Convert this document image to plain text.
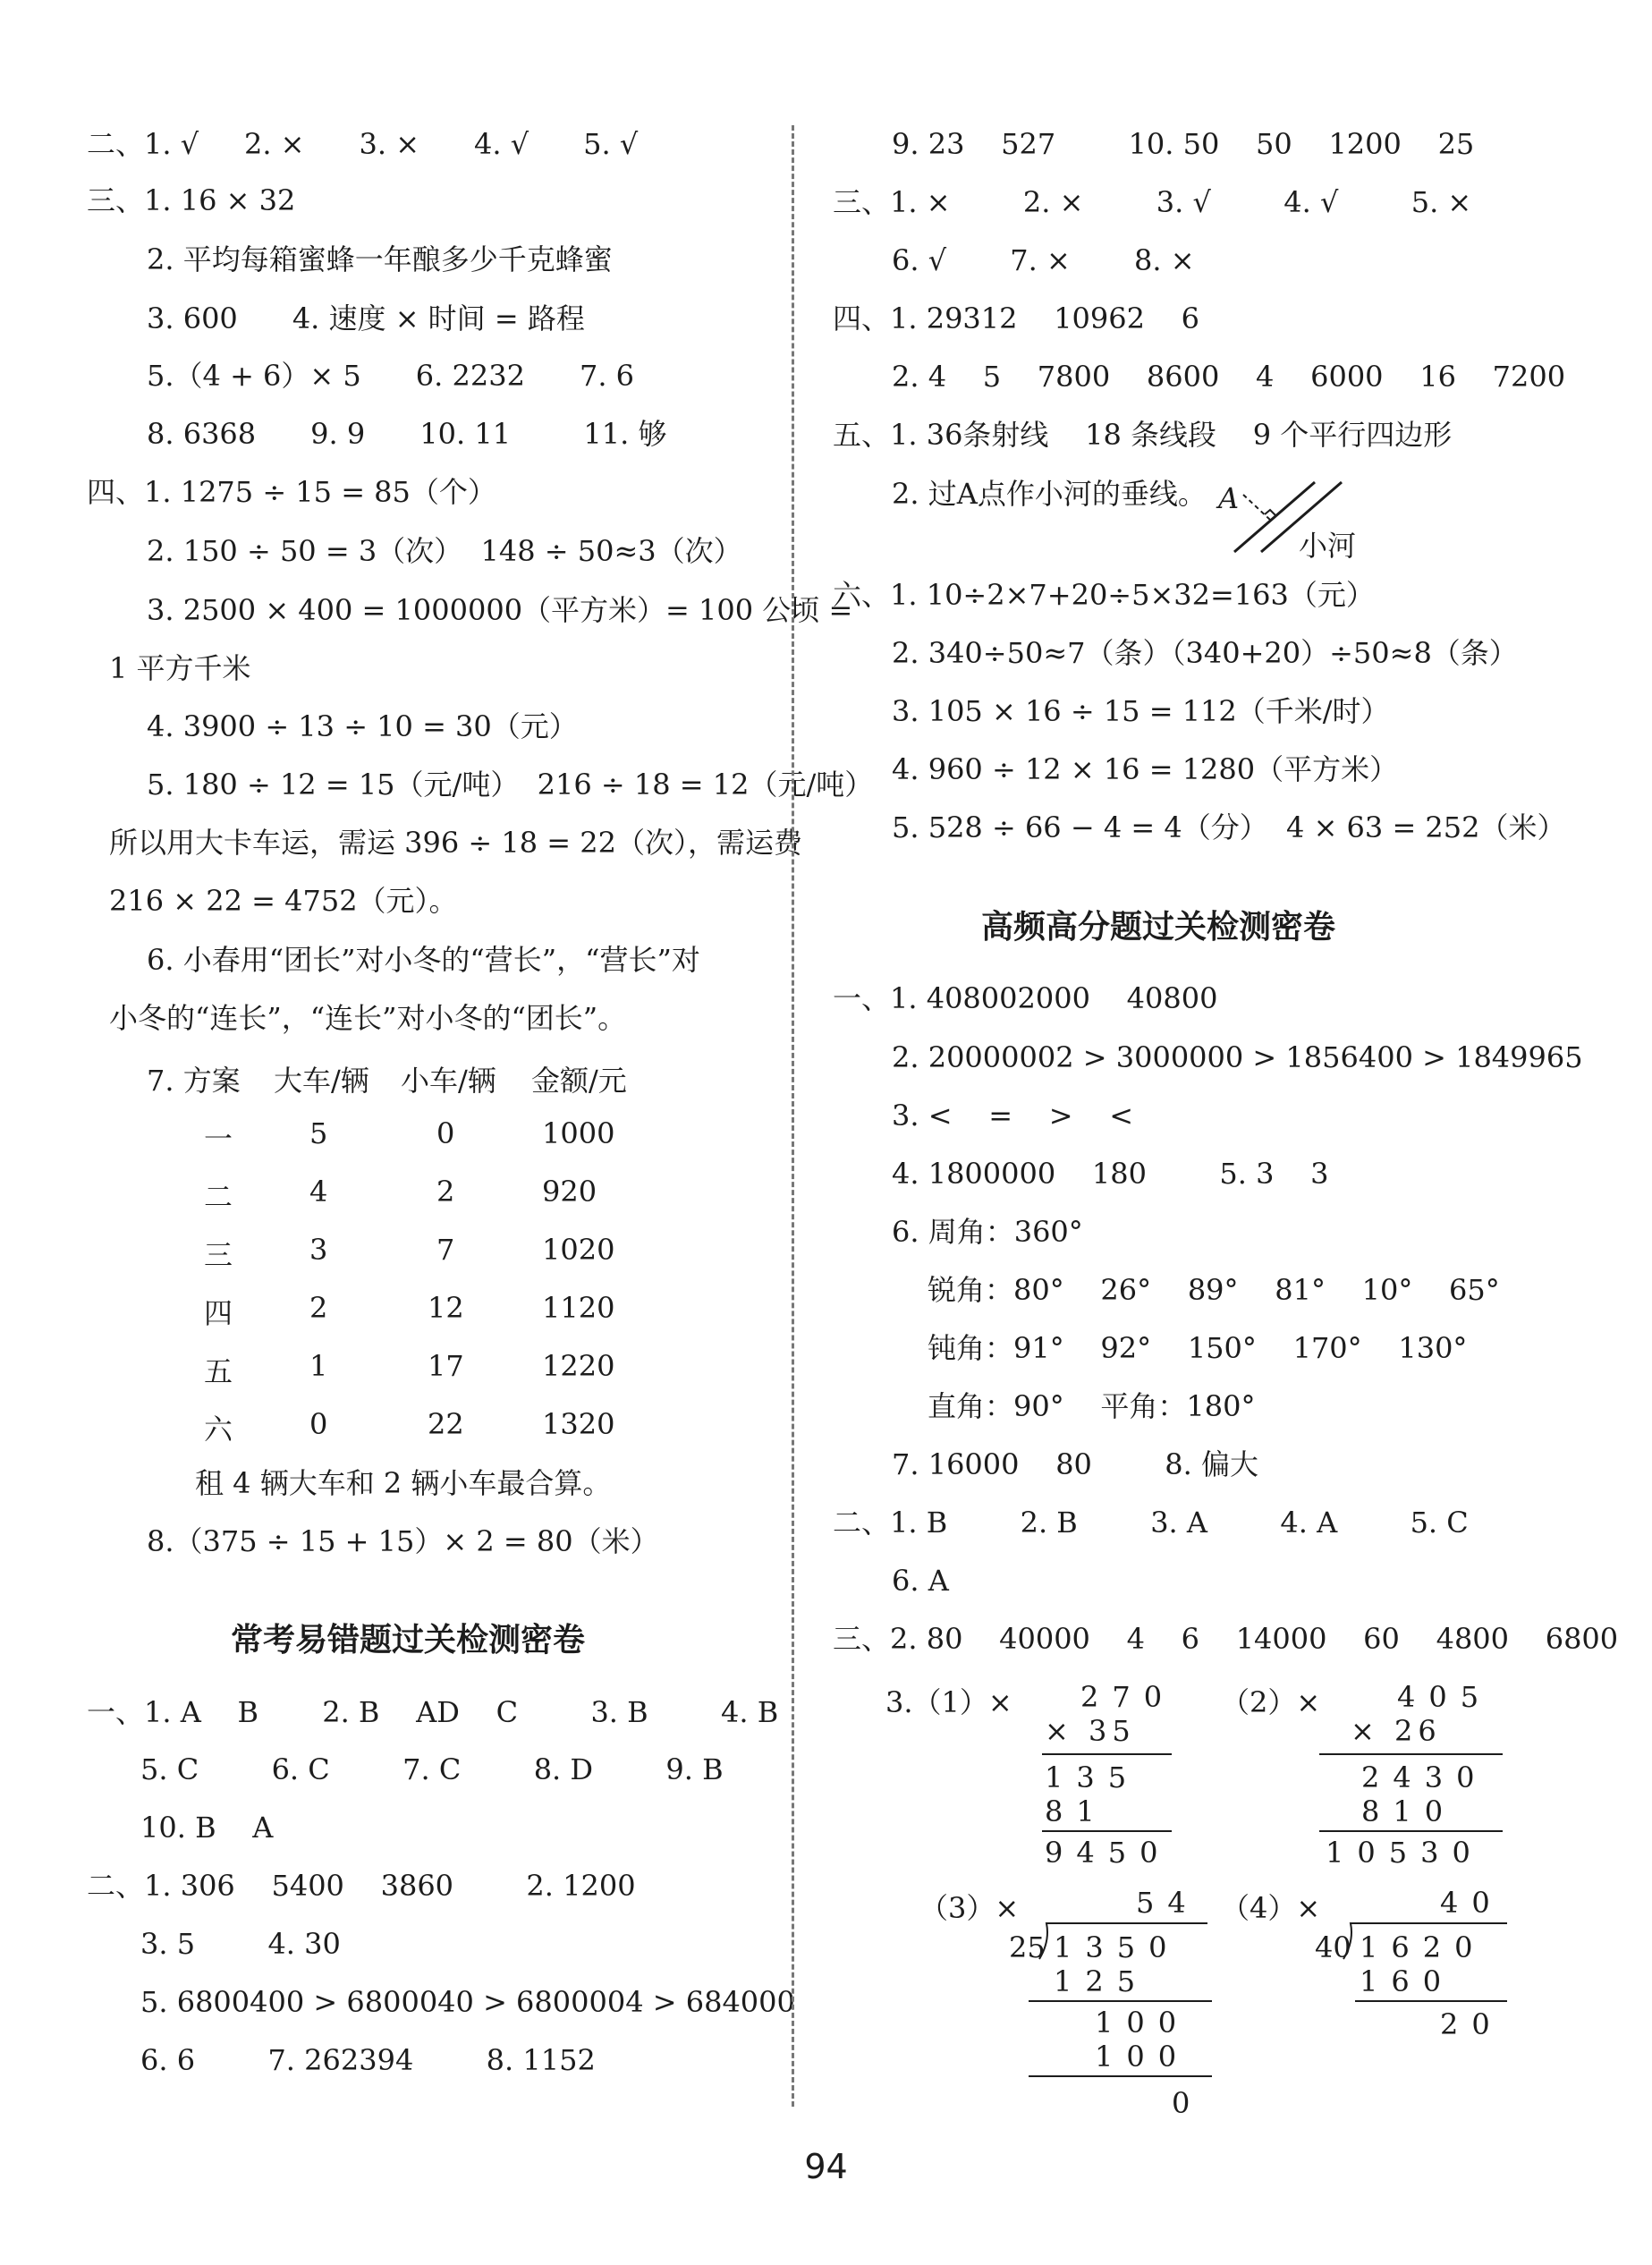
二、1. √     2. ×      3. ×      4. √      5. √
三、1. 16 × 32
2. 平均每箱蜜蜂一年酿多少千克蜂蜜
3. 600      4. 速度 × 时间 = 路程
5.（4 + 6）× 5      6. 2232      7. 6
8. 6368      9. 9      10. 11        11. 够
四、1. 1275 ÷ 15 = 85（个）
2. 150 ÷ 50 = 3（次）  148 ÷ 50≈3（次）
3. 2500 × 400 = 1000000（平方米）= 100 公顷 =
1 平方千米
4. 3900 ÷ 13 ÷ 10 = 30（元）
5. 180 ÷ 12 = 15（元/吨）  216 ÷ 18 = 12（元/吨）
所以用大卡车运，需运 396 ÷ 18 = 22（次），需运费
216 × 22 = 4752（元）。
6. 小春用“团长”对小冬的“营长”，“营长”对
小冬的“连长”，“连长”对小冬的“团长”。
7. 方案 大车/辆 小车/辆 金额/元
一	5	0	1000
二	4	2	920
三	3	7	1020
四	2	12	1120
五	1	17	1220
六	0	22	1320
租 4 辆大车和 2 辆小车最合算。
8.（375 ÷ 15 + 15）× 2 = 80（米）
常考易错题过关检测密卷
一、1. A    B       2. B    AD    C        3. B        4. B
5. C        6. C        7. C        8. D        9. B
10. B    A
二、1. 306    5400    3860        2. 1200
3. 5        4. 30
5. 6800400 > 6800040 > 6800004 > 684000
6. 6        7. 262394        8. 1152
9. 23    527        10. 50    50    1200    25
三、1. ×        2. ×        3. √        4. √        5. ×
6. √       7. ×       8. ×
四、1. 29312    10962    6
2. 4    5    7800    8600    4    6000    16    7200
五、1. 36条射线    18 条线段    9 个平行四边形
2. 过A点作小河的垂线。 A
小河
六、1. 10÷2×7+20÷5×32=163（元）
2. 340÷50≈7（条）（340+20）÷50≈8（条）
3. 105 × 16 ÷ 15 = 112（千米/时）
4. 960 ÷ 12 × 16 = 1280（平方米）
5. 528 ÷ 66 − 4 = 4（分）  4 × 63 = 252（米）
高频高分题过关检测密卷
一、1. 408002000    40800
2. 20000002 > 3000000 > 1856400 > 1849965
3. <    =    >    <
4. 1800000    180        5. 3    3
6. 周角：360°
锐角：80°    26°    89°    81°    10°    65°
钝角：91°    92°    150°    170°    130°
直角：90°    平角：180°
7. 16000    80        8. 偏大
二、1. B        2. B        3. A        4. A        5. C
6. A
三、2. 80    40000    4    6    14000    60    4800    6800
3.（1）× 270
× 35
135
81
9450
（2）×	405
× 26
2430
810
10530
（3）×	54
25 1350
125
100
100
0
（4）×	40
40 1620
160
20
94
